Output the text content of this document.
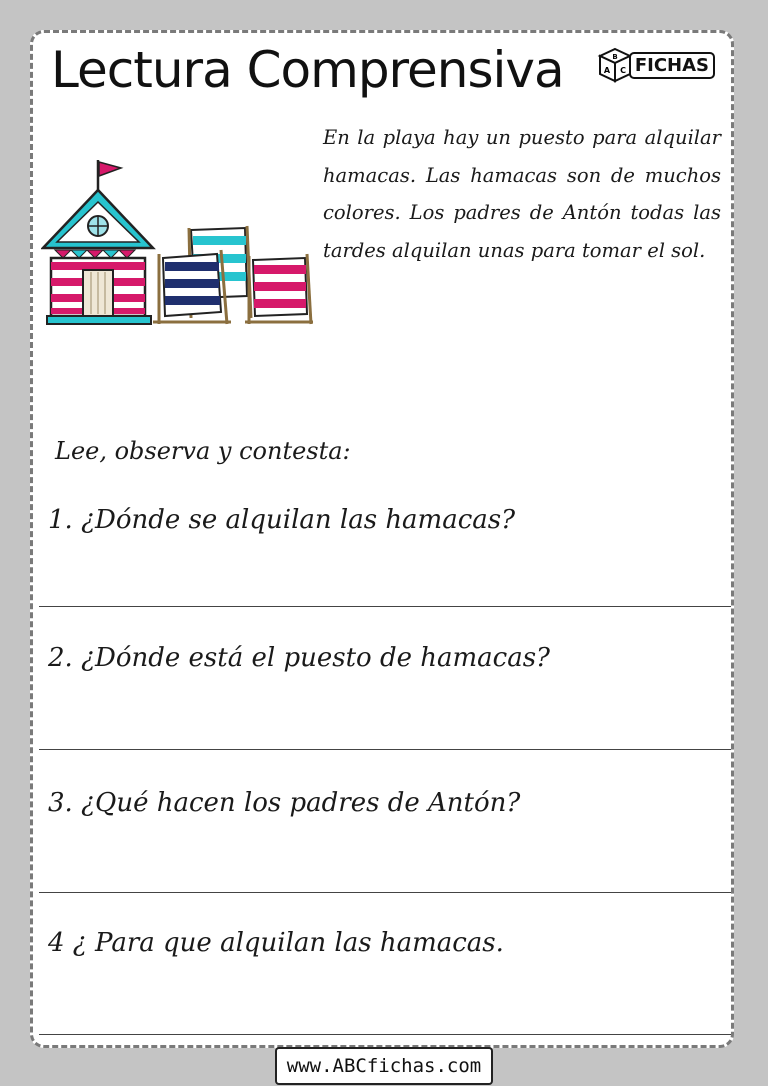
Lectura Comprensiva	B
A C FICHAS

En la playa hay un puesto para alquilar hamacas. Las hamacas son de muchos colores. Los padres de Antón todas las tardes alquilan unas para tomar el sol.

Lee, observa y contesta:
1. ¿Dónde se alquilan las hamacas?
2. ¿Dónde está el puesto de hamacas?
3. ¿Qué hacen los padres de Antón?
4 ¿ Para que alquilan las hamacas.
www.ABCfichas.com
